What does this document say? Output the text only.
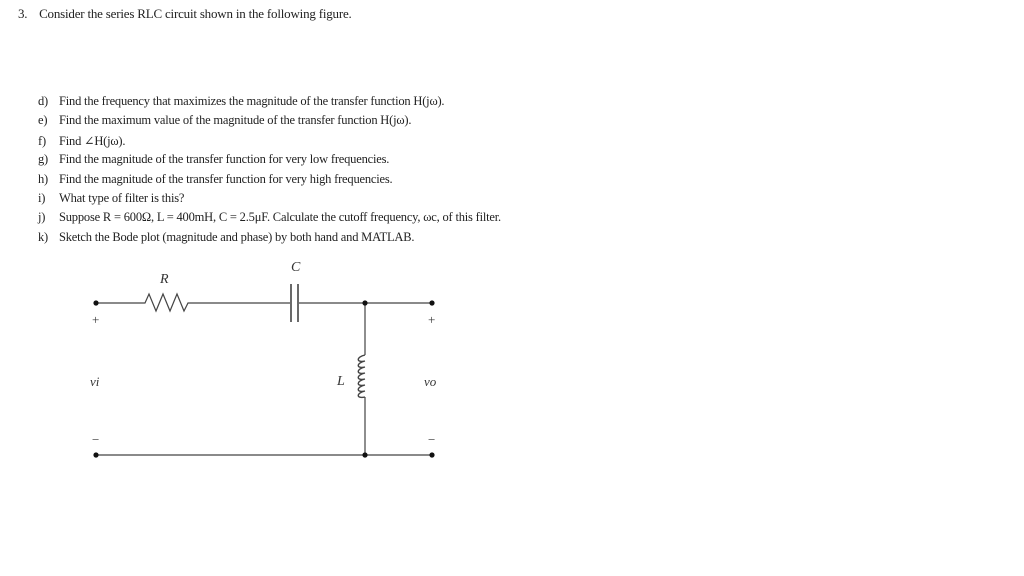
3. Consider the series RLC circuit shown in the following figure.
d) Find the frequency that maximizes the magnitude of the transfer function H(jω).
e) Find the maximum value of the magnitude of the transfer function H(jω).
f) Find ∠H(jω).
g) Find the magnitude of the transfer function for very low frequencies.
h) Find the magnitude of the transfer function for very high frequencies.
i) What type of filter is this?
j) Suppose R = 600Ω, L = 400mH, C = 2.5μF. Calculate the cutoff frequency, ωc, of this filter.
k) Sketch the Bode plot (magnitude and phase) by both hand and MATLAB.
R
C
L
vi	vo
+	+
−	−
